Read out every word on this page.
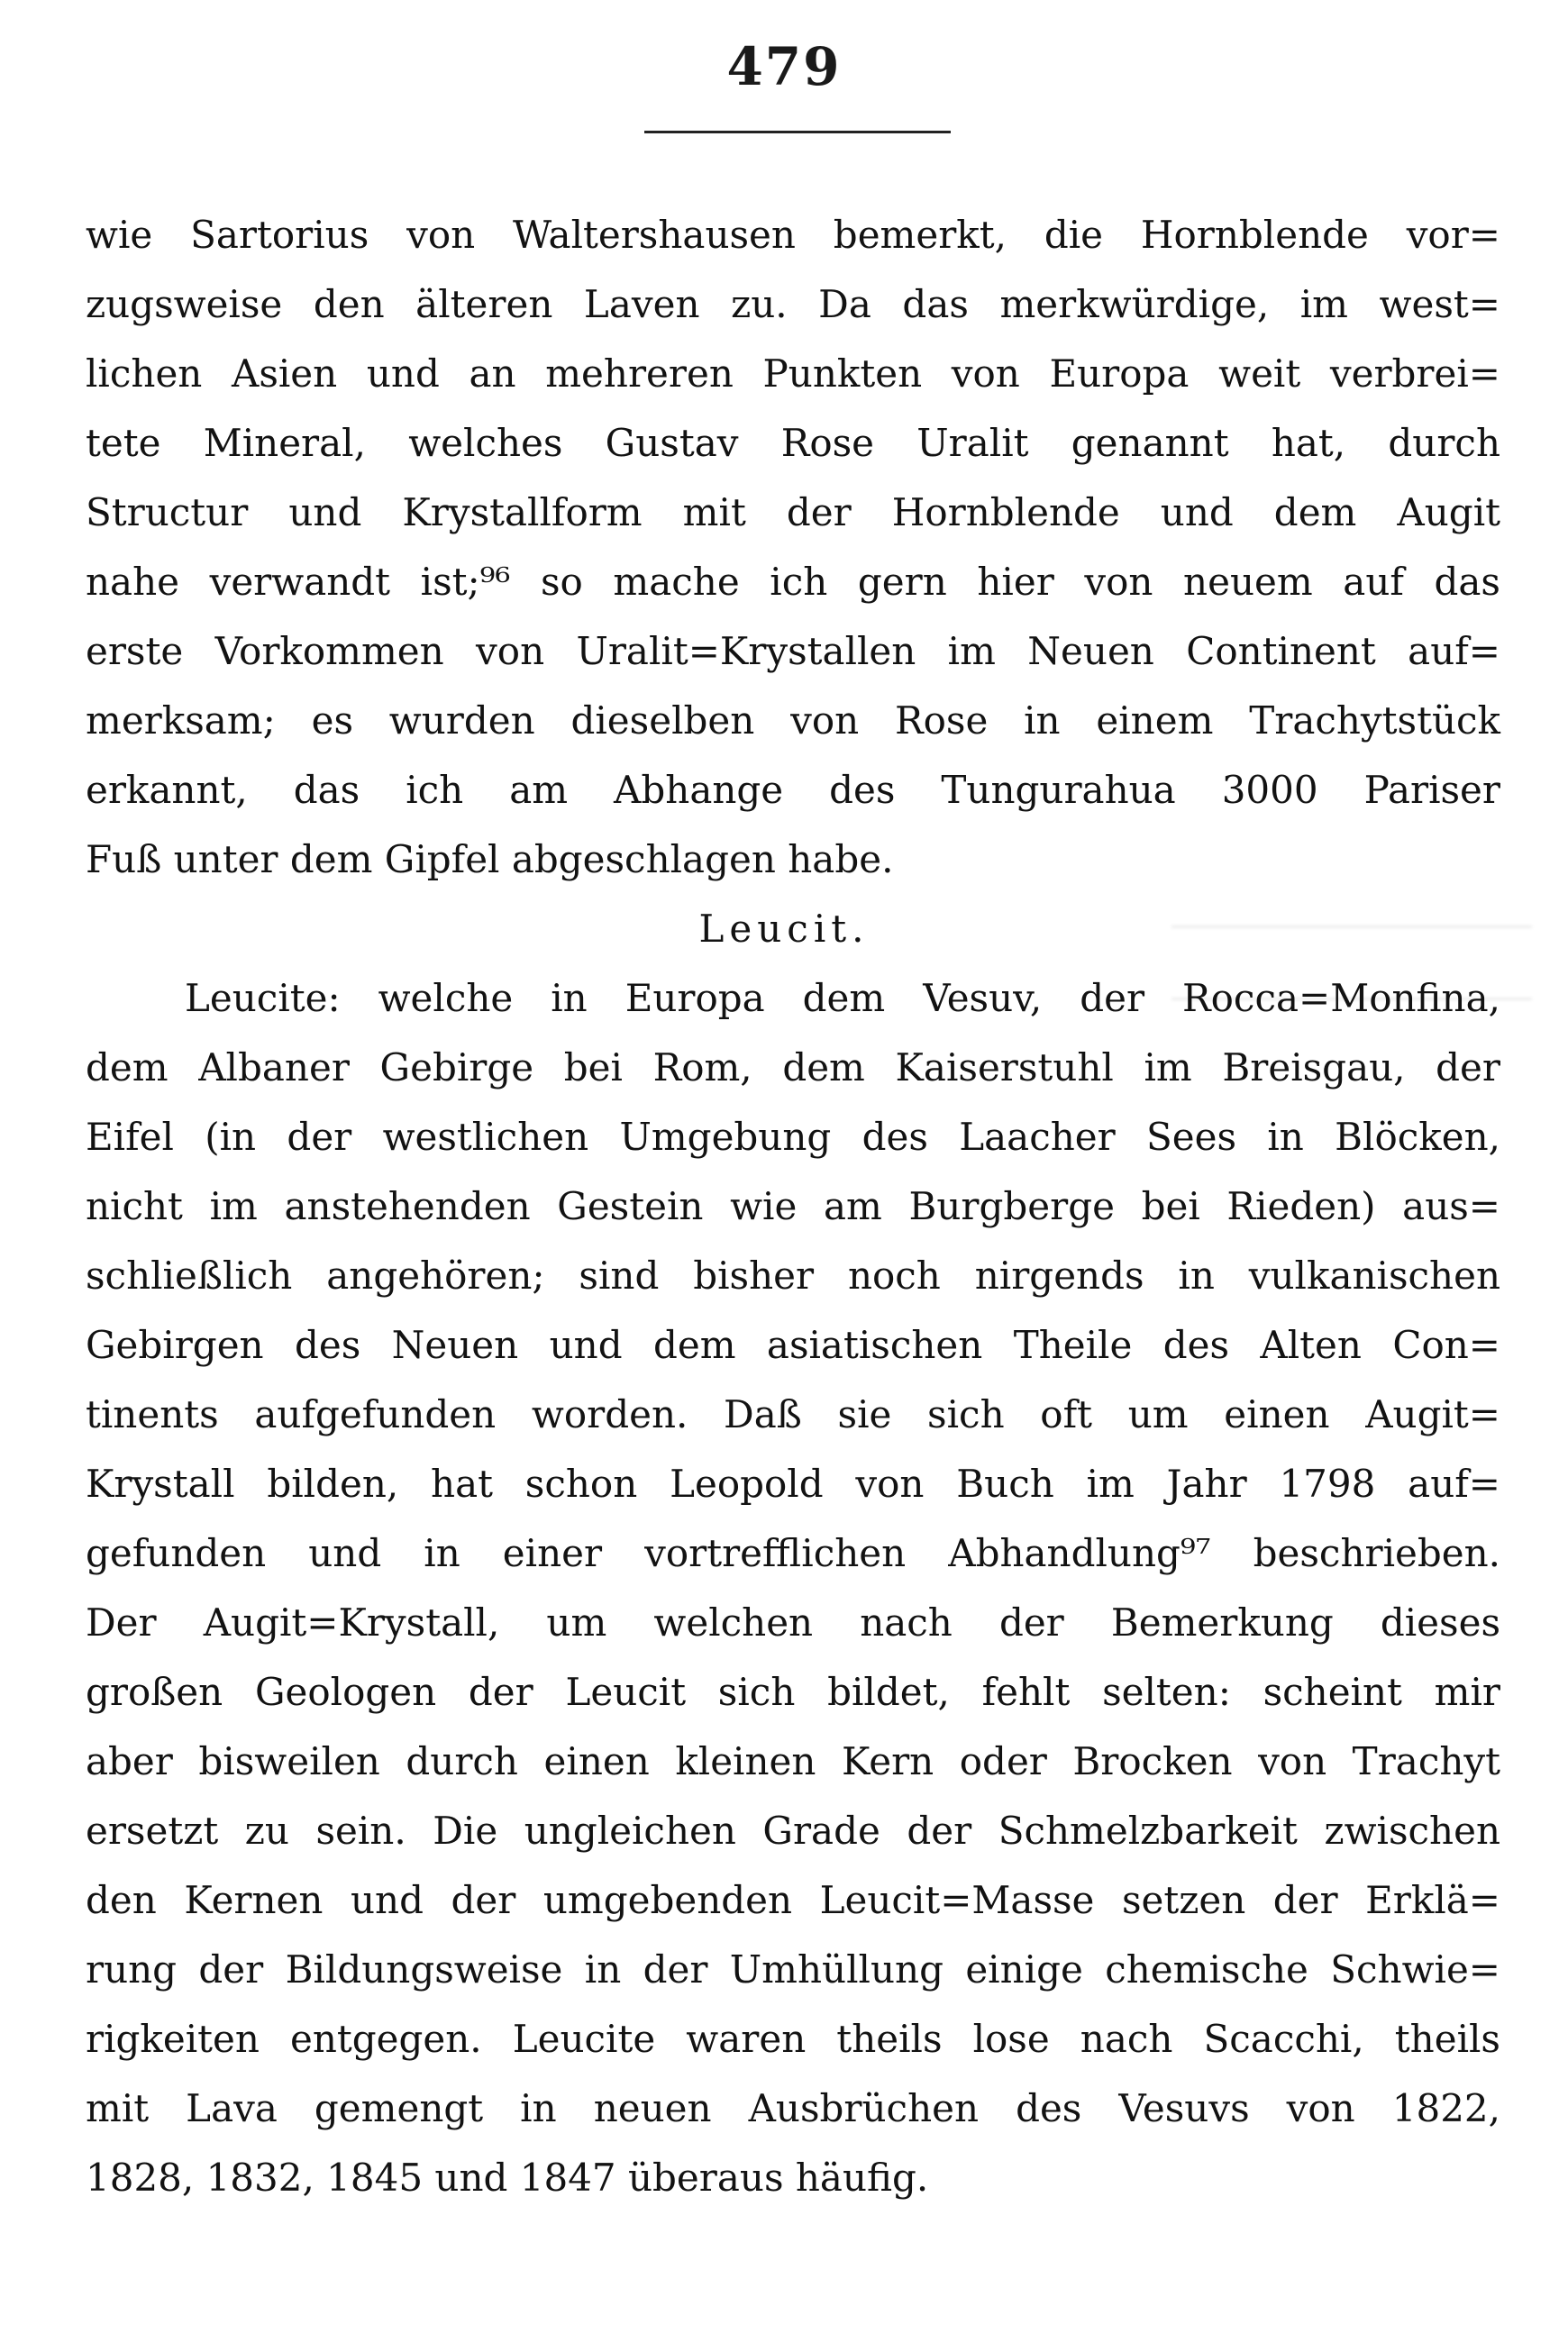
479
wie Sartorius von Waltershausen bemerkt, die Hornblende vor=
zugsweise den älteren Laven zu. Da das merkwürdige, im west=
lichen Asien und an mehreren Punkten von Europa weit verbrei=
tete Mineral, welches Gustav Rose Uralit genannt hat, durch
Structur und Krystallform mit der Hornblende und dem Augit
nahe verwandt ist;⁹⁶ so mache ich gern hier von neuem auf das
erste Vorkommen von Uralit=Krystallen im Neuen Continent auf=
merksam; es wurden dieselben von Rose in einem Trachytstück
erkannt, das ich am Abhange des Tungurahua 3000 Pariser
Fuß unter dem Gipfel abgeschlagen habe.
Leucit.
Leucite: welche in Europa dem Vesuv, der Rocca=Monfina,
dem Albaner Gebirge bei Rom, dem Kaiserstuhl im Breisgau, der
Eifel (in der westlichen Umgebung des Laacher Sees in Blöcken,
nicht im anstehenden Gestein wie am Burgberge bei Rieden) aus=
schließlich angehören; sind bisher noch nirgends in vulkanischen
Gebirgen des Neuen und dem asiatischen Theile des Alten Con=
tinents aufgefunden worden. Daß sie sich oft um einen Augit=
Krystall bilden, hat schon Leopold von Buch im Jahr 1798 auf=
gefunden und in einer vortrefflichen Abhandlung⁹⁷ beschrieben.
Der Augit=Krystall, um welchen nach der Bemerkung dieses
großen Geologen der Leucit sich bildet, fehlt selten: scheint mir
aber bisweilen durch einen kleinen Kern oder Brocken von Trachyt
ersetzt zu sein. Die ungleichen Grade der Schmelzbarkeit zwischen
den Kernen und der umgebenden Leucit=Masse setzen der Erklä=
rung der Bildungsweise in der Umhüllung einige chemische Schwie=
rigkeiten entgegen. Leucite waren theils lose nach Scacchi, theils
mit Lava gemengt in neuen Ausbrüchen des Vesuvs von 1822,
1828, 1832, 1845 und 1847 überaus häufig.
